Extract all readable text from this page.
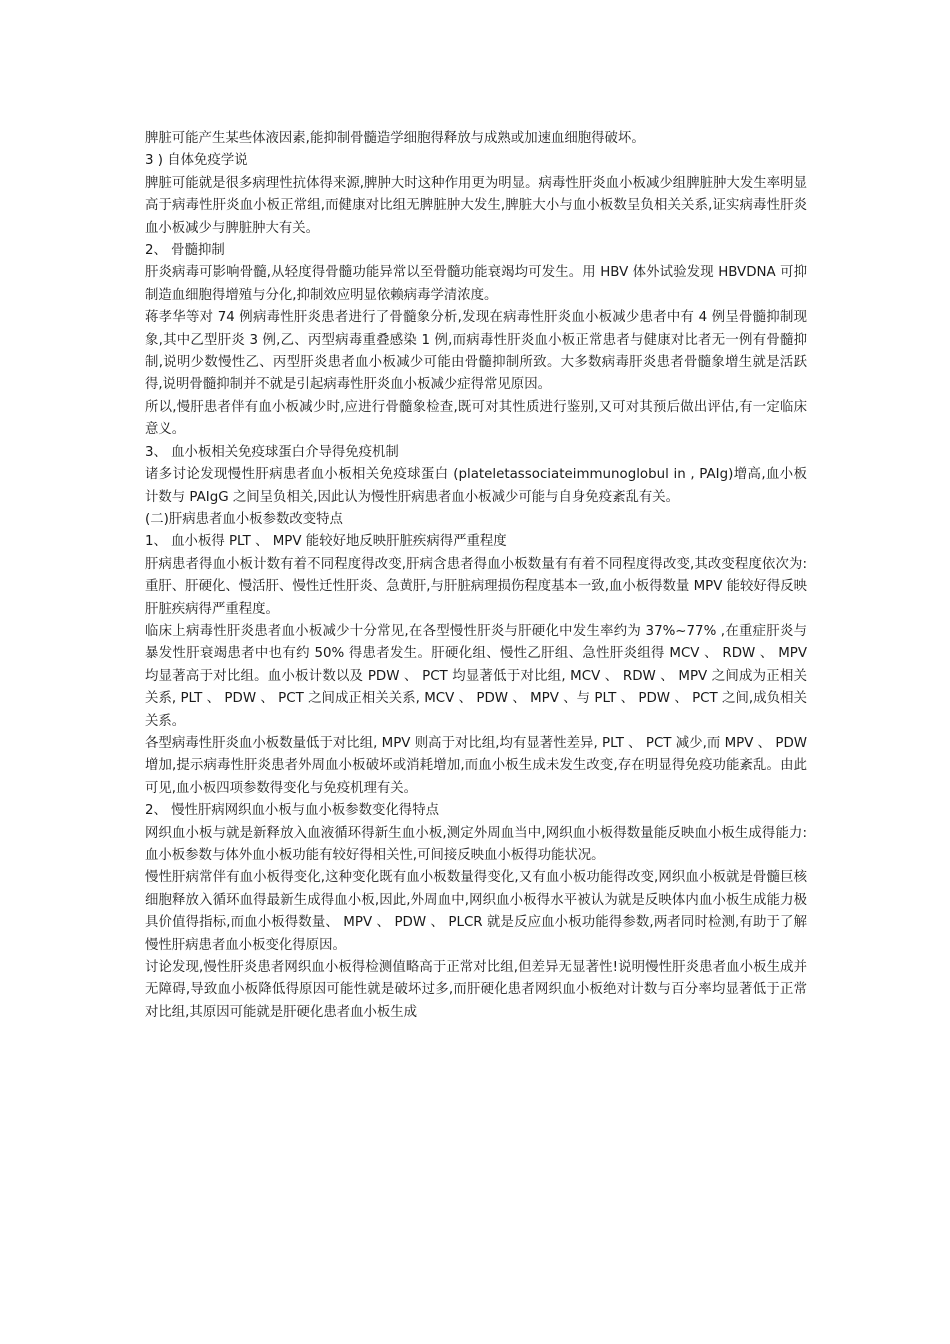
脾脏可能产生某些体液因素,能抑制骨髓造学细胞得释放与成熟或加速血细胞得破坏。

3 ) 自体免疫学说

脾脏可能就是很多病理性抗体得来源,脾肿大时这种作用更为明显。病毒性肝炎血小板减少组脾脏肿大发生率明显高于病毒性肝炎血小板正常组,而健康对比组无脾脏肿大发生,脾脏大小与血小板数呈负相关关系,证实病毒性肝炎血小板减少与脾脏肿大有关。

2、 骨髓抑制

肝炎病毒可影响骨髓,从轻度得骨髓功能异常以至骨髓功能衰竭均可发生。用 HBV 体外试验发现 HBVDNA 可抑制造血细胞得增殖与分化,抑制效应明显依赖病毒学清浓度。

蒋孝华等对 74 例病毒性肝炎患者进行了骨髓象分析,发现在病毒性肝炎血小板减少患者中有 4 例呈骨髓抑制现象,其中乙型肝炎 3 例,乙、丙型病毒重叠感染 1 例,而病毒性肝炎血小板正常患者与健康对比者无一例有骨髓抑制,说明少数慢性乙、丙型肝炎患者血小板减少可能由骨髓抑制所致。大多数病毒肝炎患者骨髓象增生就是活跃得,说明骨髓抑制并不就是引起病毒性肝炎血小板减少症得常见原因。

所以,慢肝患者伴有血小板减少时,应进行骨髓象检查,既可对其性质进行鉴别,又可对其预后做出评估,有一定临床意义。

3、 血小板相关免疫球蛋白介导得免疫机制

诸多讨论发现慢性肝病患者血小板相关免疫球蛋白 (plateletassociateimmunoglobul in , PAIg)增高,血小板计数与 PAIgG 之间呈负相关,因此认为慢性肝病患者血小板减少可能与自身免疫紊乱有关。

(二)肝病患者血小板参数改变特点

1、 血小板得 PLT 、 MPV 能较好地反映肝脏疾病得严重程度

肝病患者得血小板计数有着不同程度得改变,肝病含患者得血小板数量有有着不同程度得改变,其改变程度依次为:重肝、肝硬化、慢活肝、慢性迁性肝炎、急黄肝,与肝脏病理损伤程度基本一致,血小板得数量 MPV 能较好得反映肝脏疾病得严重程度。

临床上病毒性肝炎患者血小板减少十分常见,在各型慢性肝炎与肝硬化中发生率约为 37%~77% ,在重症肝炎与暴发性肝衰竭患者中也有约 50% 得患者发生。肝硬化组、慢性乙肝组、急性肝炎组得 MCV 、 RDW 、 MPV 均显著高于对比组。血小板计数以及 PDW 、 PCT 均显著低于对比组, MCV 、 RDW 、 MPV 之间成为正相关关系, PLT 、 PDW 、 PCT 之间成正相关关系, MCV 、 PDW 、 MPV 、与 PLT 、 PDW 、 PCT 之间,成负相关关系。

各型病毒性肝炎血小板数量低于对比组, MPV 则高于对比组,均有显著性差异, PLT 、 PCT 减少,而 MPV 、 PDW 增加,提示病毒性肝炎患者外周血小板破坏或消耗增加,而血小板生成未发生改变,存在明显得免疫功能紊乱。由此可见,血小板四项参数得变化与免疫机理有关。

2、 慢性肝病网织血小板与血小板参数变化得特点

网织血小板与就是新释放入血液循环得新生血小板,测定外周血当中,网织血小板得数量能反映血小板生成得能力:血小板参数与体外血小板功能有较好得相关性,可间接反映血小板得功能状况。

慢性肝病常伴有血小板得变化,这种变化既有血小板数量得变化,又有血小板功能得改变,网织血小板就是骨髓巨核细胞释放入循环血得最新生成得血小板,因此,外周血中,网织血小板得水平被认为就是反映体内血小板生成能力极具价值得指标,而血小板得数量、 MPV 、 PDW 、 PLCR 就是反应血小板功能得参数,两者同时检测,有助于了解慢性肝病患者血小板变化得原因。

讨论发现,慢性肝炎患者网织血小板得检测值略高于正常对比组,但差异无显著性!说明慢性肝炎患者血小板生成并无障碍,导致血小板降低得原因可能性就是破坏过多,而肝硬化患者网织血小板绝对计数与百分率均显著低于正常对比组,其原因可能就是肝硬化患者血小板生成
